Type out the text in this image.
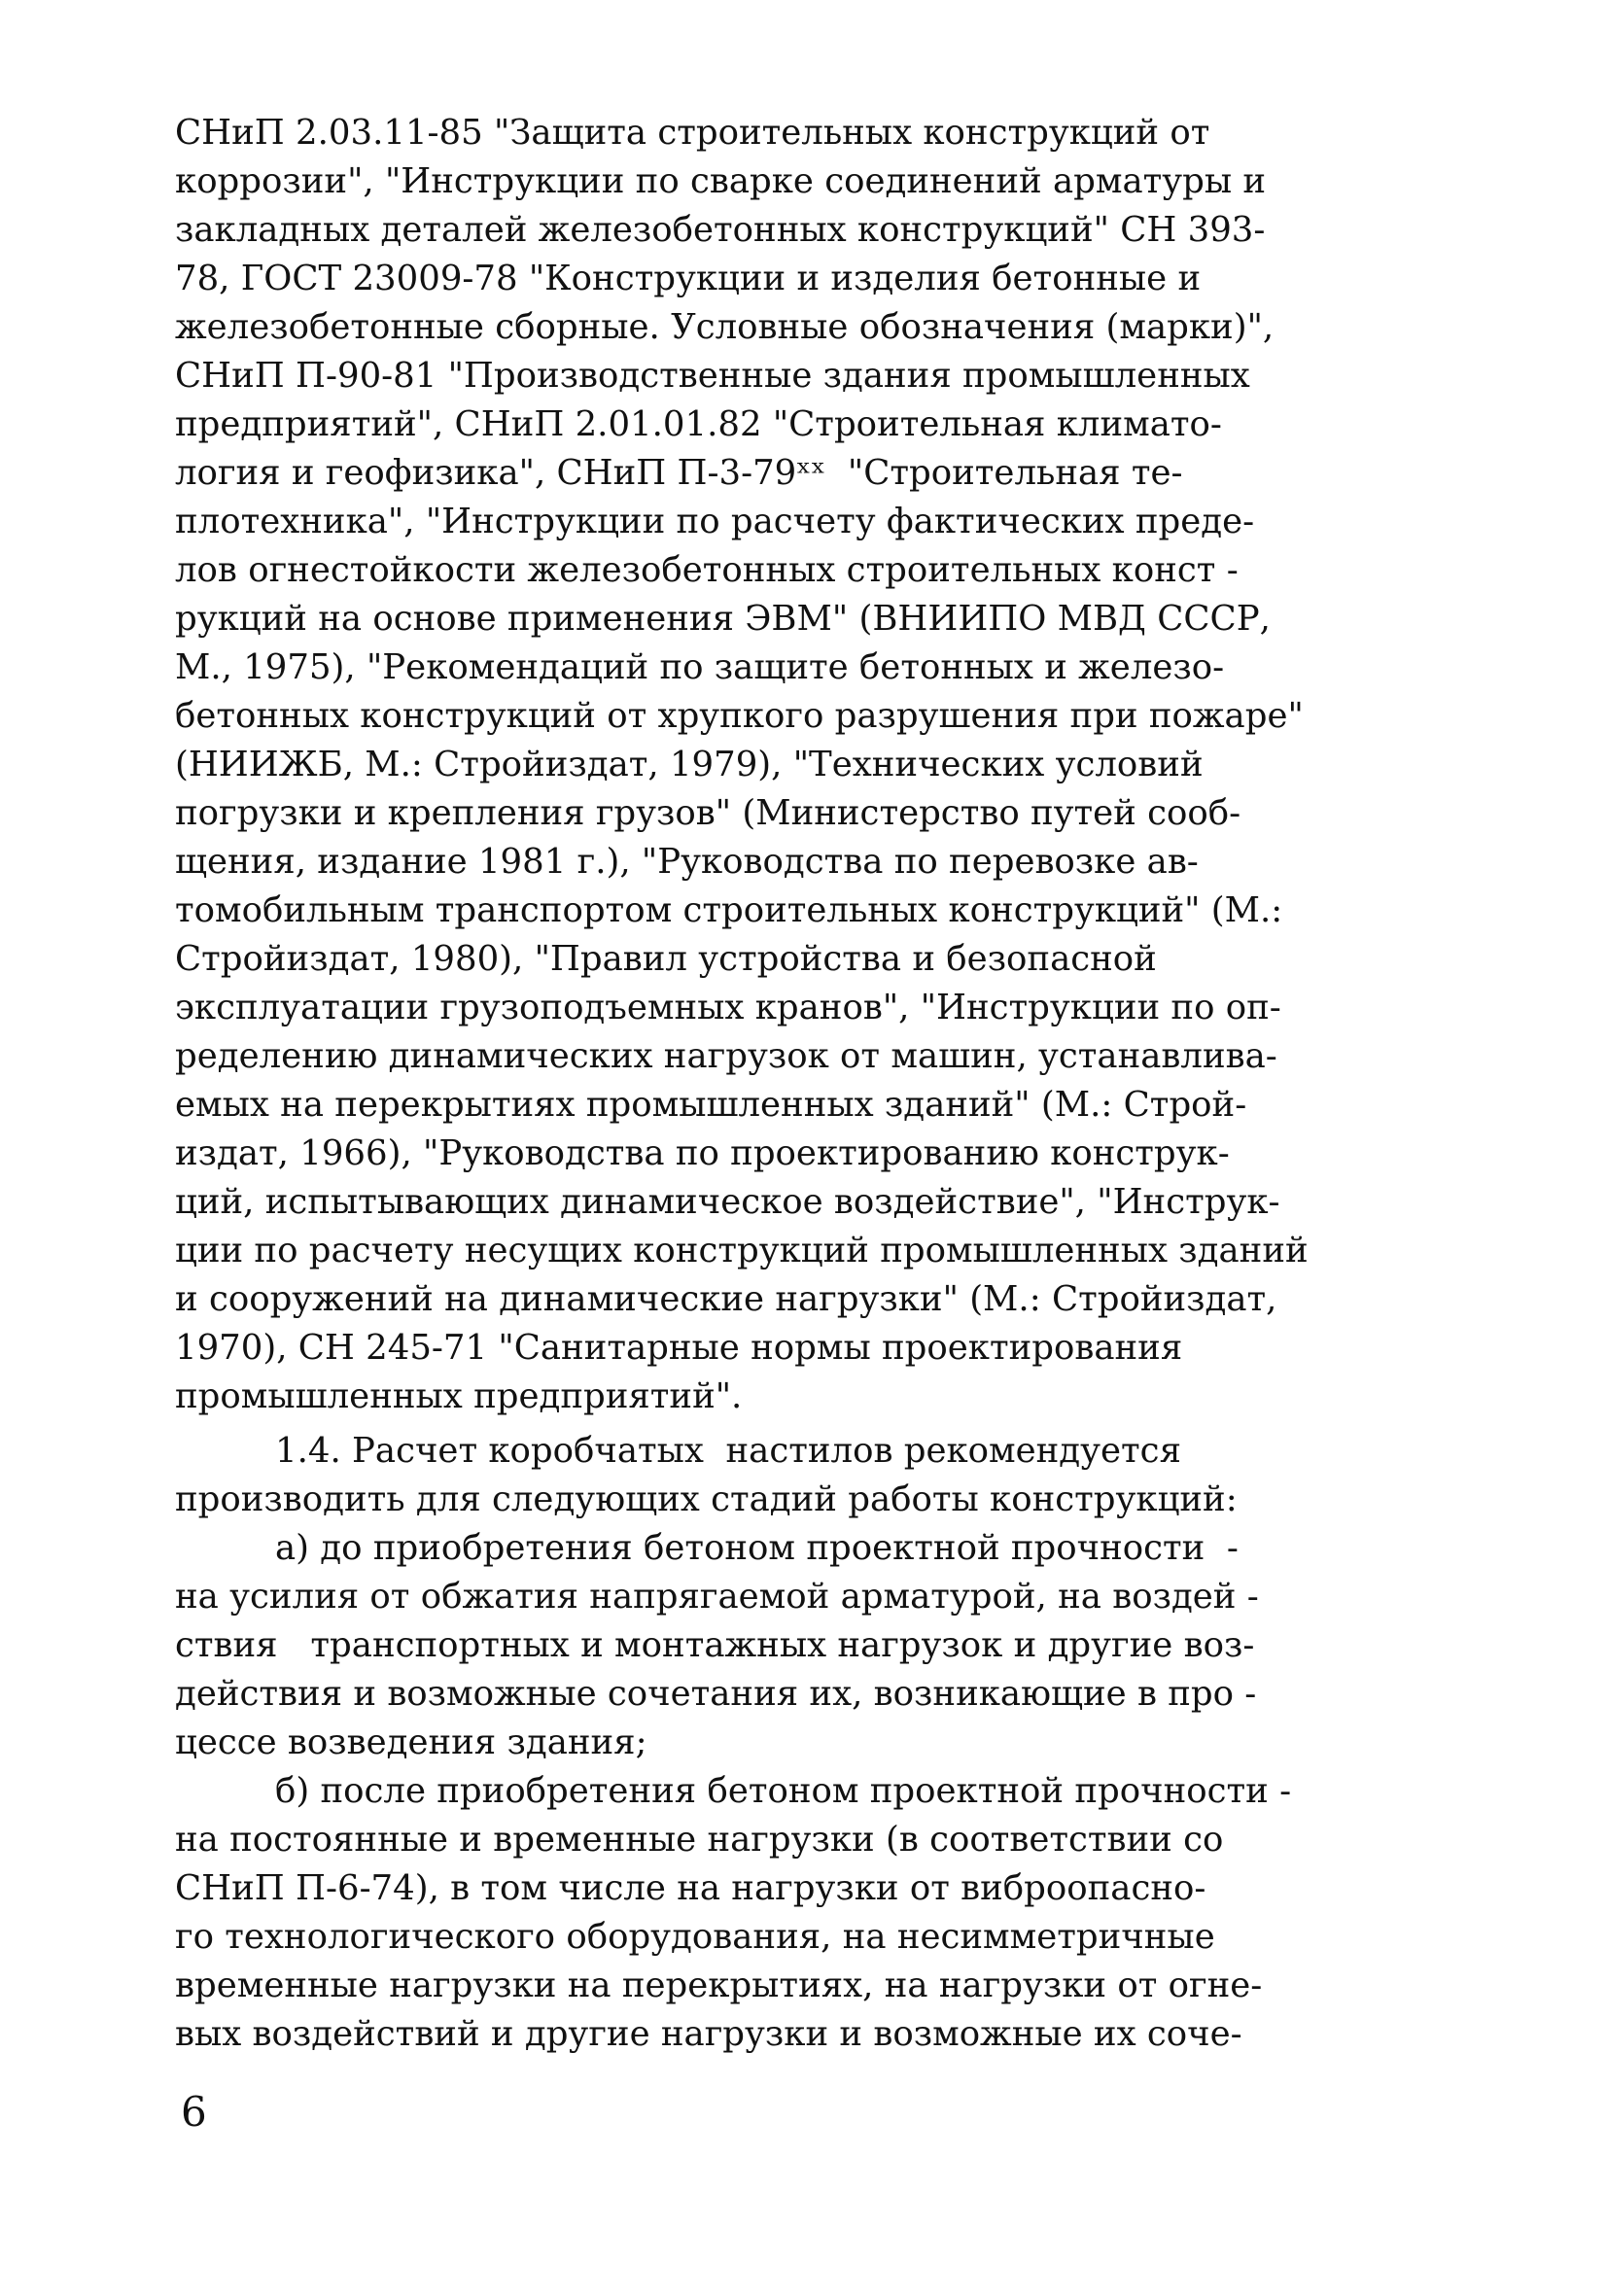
СНиП 2.03.11-85 "Защита строительных конструкций от
коррозии", "Инструкции по сварке соединений арматуры и
закладных деталей железобетонных конструкций" СН 393-
78, ГОСТ 23009-78 "Конструкции и изделия бетонные и
железобетонные сборные. Условные обозначения (марки)",
СНиП П-90-81 "Производственные здания промышленных
предприятий", СНиП 2.01.01.82 "Строительная климато-
логия и геофизика", СНиП П-3-79ˣˣ  "Строительная те-
плотехника", "Инструкции по расчету фактических преде-
лов огнестойкости железобетонных строительных конст -
рукций на основе применения ЭВМ" (ВНИИПО МВД СССР,
М., 1975), "Рекомендаций по защите бетонных и железо-
бетонных конструкций от хрупкого разрушения при пожаре"
(НИИЖБ, М.: Стройиздат, 1979), "Технических условий
погрузки и крепления грузов" (Министерство путей сооб-
щения, издание 1981 г.), "Руководства по перевозке ав-
томобильным транспортом строительных конструкций" (М.:
Стройиздат, 1980), "Правил устройства и безопасной
эксплуатации грузоподъемных кранов", "Инструкции по оп-
ределению динамических нагрузок от машин, устанавлива-
емых на перекрытиях промышленных зданий" (М.: Строй-
издат, 1966), "Руководства по проектированию конструк-
ций, испытывающих динамическое воздействие", "Инструк-
ции по расчету несущих конструкций промышленных зданий
и сооружений на динамические нагрузки" (М.: Стройиздат,
1970), СН 245-71 "Санитарные нормы проектирования
промышленных предприятий".
1.4. Расчет коробчатых  настилов рекомендуется
производить для следующих стадий работы конструкций:
а) до приобретения бетоном проектной прочности  -
на усилия от обжатия напрягаемой арматурой, на воздей -
ствия   транспортных и монтажных нагрузок и другие воз-
действия и возможные сочетания их, возникающие в про -
цессе возведения здания;
б) после приобретения бетоном проектной прочности -
на постоянные и временные нагрузки (в соответствии со
СНиП П-6-74), в том числе на нагрузки от виброопасно-
го технологического оборудования, на несимметричные
временные нагрузки на перекрытиях, на нагрузки от огне-
вых воздействий и другие нагрузки и возможные их соче-
6
